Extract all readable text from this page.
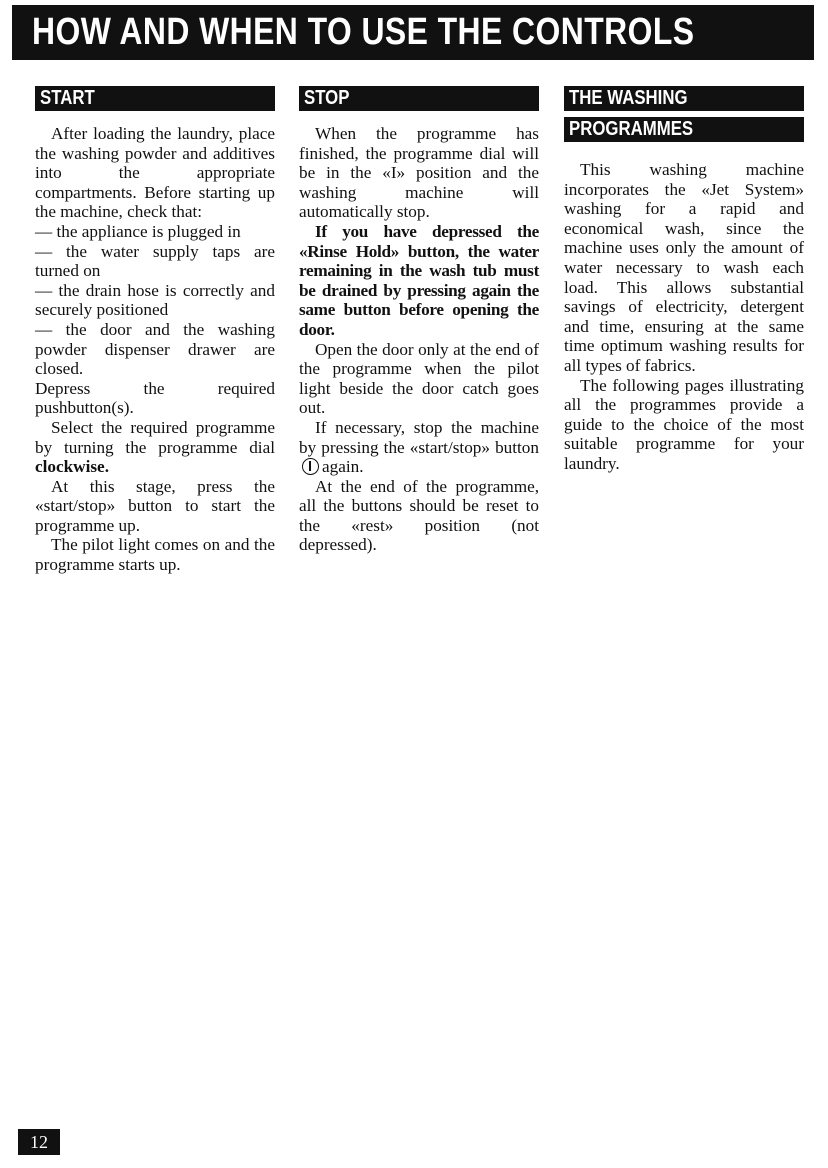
HOW AND WHEN TO USE THE CONTROLS
START

After loading the laundry, place the washing powder and additives into the appropriate compartments. Before starting up the machine, check that:

— the appliance is plugged in

— the water supply taps are turned on

— the drain hose is correctly and securely positioned

— the door and the washing powder dispenser drawer are closed.

Depress the required pushbutton(s).

Select the required programme by turning the programme dial clockwise.

At this stage, press the «start/stop» button to start the programme up.

The pilot light comes on and the programme starts up.

STOP

When the programme has finished, the programme dial will be in the «I» position and the washing machine will automatically stop.

If you have depressed the «Rinse Hold» button, the water remaining in the wash tub must be drained by pressing again the same button before opening the door.

Open the door only at the end of the programme when the pilot light beside the door catch goes out.

If necessary, stop the machine by pressing the «start/stop» buttonagain.

At the end of the programme, all the buttons should be reset to the «rest» position (not depressed).

THE WASHING
PROGRAMMES

This washing machine incorporates the «Jet System» washing for a rapid and economical wash, since the machine uses only the amount of water necessary to wash each load. This allows substantial savings of electricity, detergent and time, ensuring at the same time optimum washing results for all types of fabrics.

The following pages illustrating all the programmes provide a guide to the choice of the most suitable programme for your laundry.

12
